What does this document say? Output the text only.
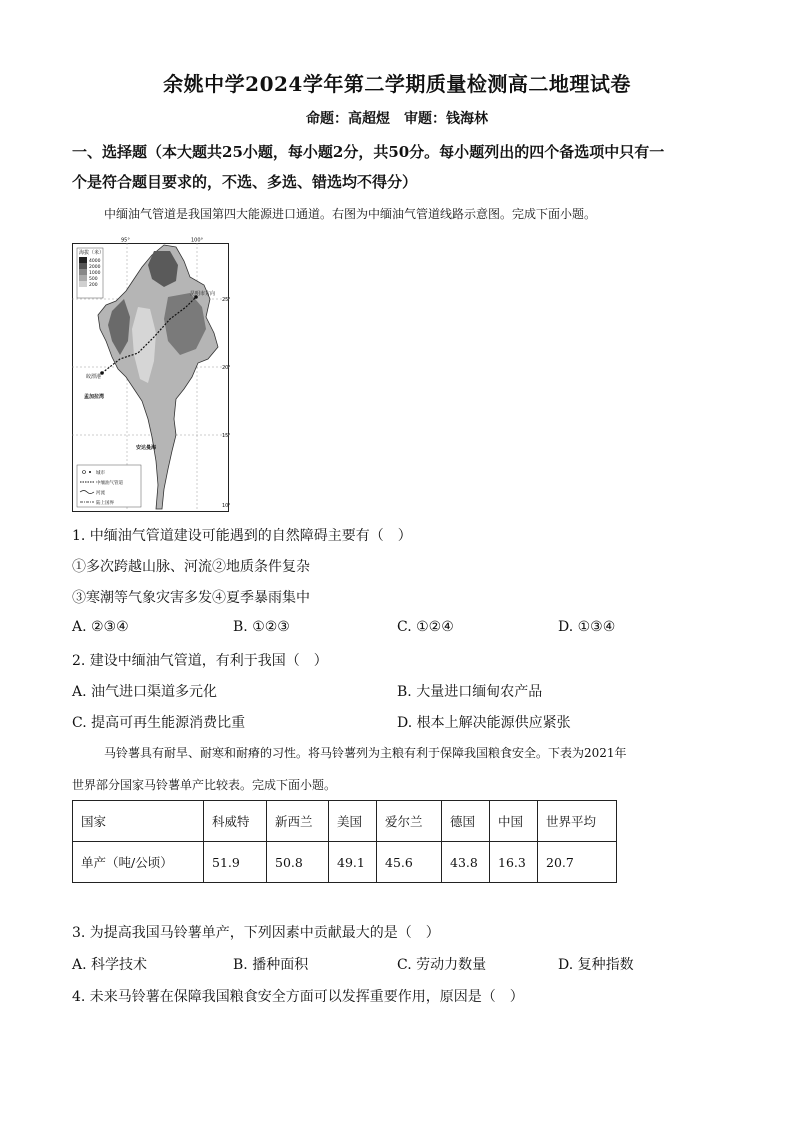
余姚中学2024学年第二学期质量检测高二地理试卷
命题：高超煜　审题：钱海林
一、选择题（本大题共25小题，每小题2分，共50分。每小题列出的四个备选项中只有一
个是符合题目要求的，不选、多选、错选均不得分）
中缅油气管道是我国第四大能源进口通道。右图为中缅油气管道线路示意图。完成下面小题。
海拔（米）
4000
2000
1000
500
200
95°	100°
25°
20°
15°
10°
昆明市方向
皎漂港
孟加拉湾
安达曼海
城市
中缅油气管道
河流
陆上国界
1. 中缅油气管道建设可能遇到的自然障碍主要有（　）
①多次跨越山脉、河流②地质条件复杂
③寒潮等气象灾害多发④夏季暴雨集中
A. ②③④	B. ①②③	C. ①②④	D. ①③④
2. 建设中缅油气管道，有利于我国（　）
A. 油气进口渠道多元化	B. 大量进口缅甸农产品
C. 提高可再生能源消费比重	D. 根本上解决能源供应紧张
马铃薯具有耐旱、耐寒和耐瘠的习性。将马铃薯列为主粮有利于保障我国粮食安全。下表为2021年
世界部分国家马铃薯单产比较表。完成下面小题。
国家	科威特	新西兰	美国	爱尔兰	德国	中国	世界平均
单产（吨/公顷）	51.9	50.8	49.1	45.6	43.8	16.3	20.7
3. 为提高我国马铃薯单产，下列因素中贡献最大的是（　）
A. 科学技术	B. 播种面积	C. 劳动力数量	D. 复种指数
4. 未来马铃薯在保障我国粮食安全方面可以发挥重要作用，原因是（　）
